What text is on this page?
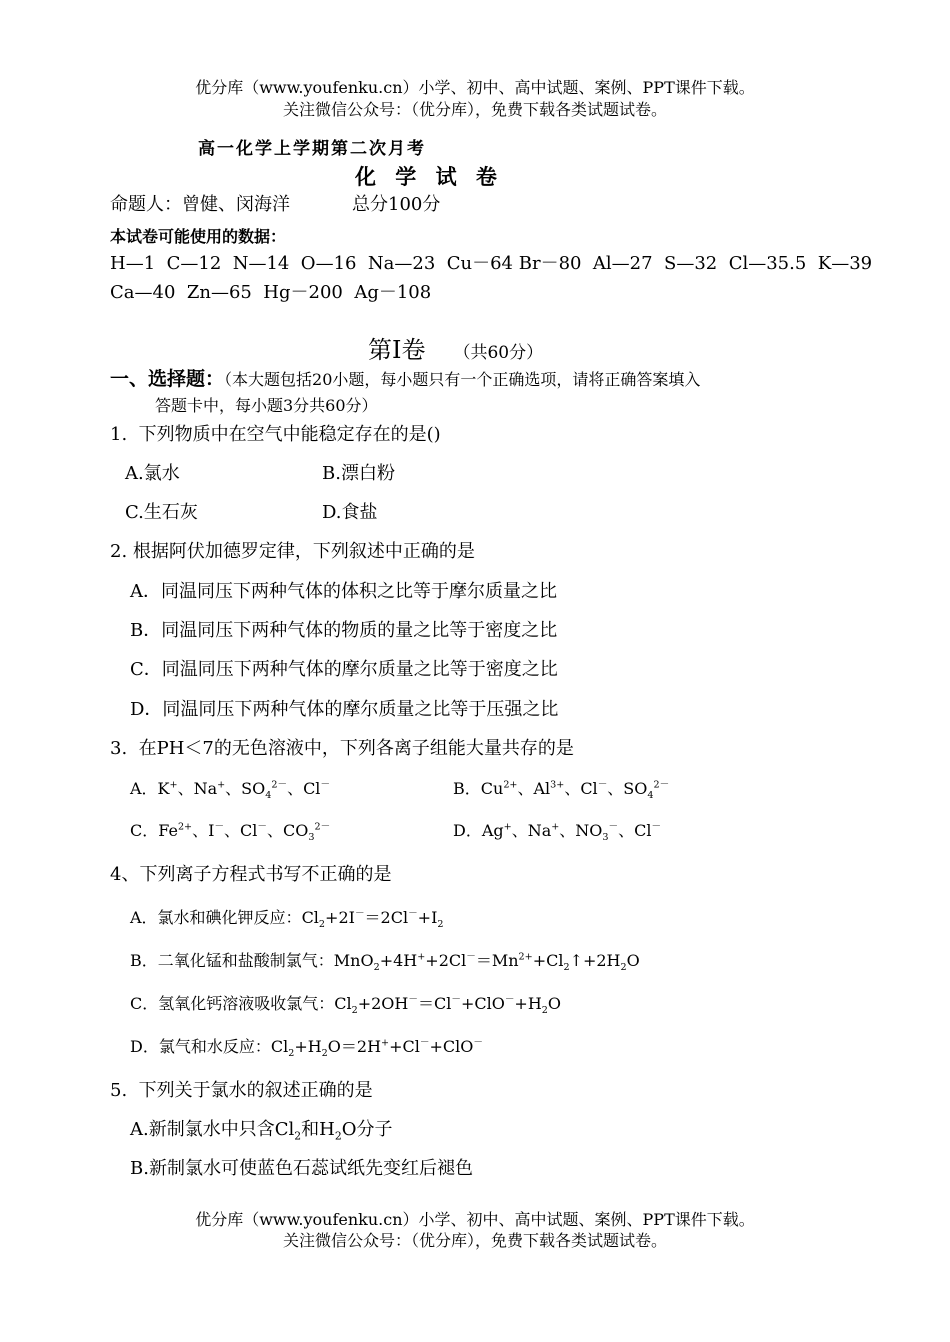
优分库（www.youfenku.cn）小学、初中、高中试题、案例、PPT课件下载。
关注微信公众号：（优分库），免费下载各类试题试卷。
高一化学上学期第二次月考
化 学 试 卷
命题人：曾健、闵海洋	总分100分
本试卷可能使用的数据：
H—1  C—12  N—14  O—16  Na—23  Cu－64 Br－80  Al—27  S—32  Cl—35.5  K—39
Ca—40  Zn—65  Hg－200  Ag－108
第Ⅰ卷 （共60分）
一、选择题：（本大题包括20小题，每小题只有一个正确选项，请将正确答案填入
答题卡中，每小题3分共60分）
1.  下列物质中在空气中能稳定存在的是()
A.氯水	B.漂白粉
C.生石灰	D.食盐
2. 根据阿伏加德罗定律，下列叙述中正确的是
A．同温同压下两种气体的体积之比等于摩尔质量之比
B．同温同压下两种气体的物质的量之比等于密度之比
C．同温同压下两种气体的摩尔质量之比等于密度之比
D．同温同压下两种气体的摩尔质量之比等于压强之比
3.  在PH＜7的无色溶液中，下列各离子组能大量共存的是
A．K+、Na+、$SO_4^{2-}$、Cl－	B．$Cu^{2+}$、$Al^{3+}$、Cl－、$SO_4^{2-}$
C．$Fe^{2+}$、I－、Cl－、$CO_3^{2-}$	D．Ag+、Na+、$NO_3^-$、Cl－
4、下列离子方程式书写不正确的是
A．氯水和碘化钾反应：$Cl_2+2I^-=2Cl^-+I_2$
B．二氧化锰和盐酸制氯气：$MnO_2+4H^++2Cl^-=Mn^{2+}+Cl_2↑+2H_2O$
C．氢氧化钙溶液吸收氯气：$Cl_2+2OH^-=Cl^-+ClO^-+H_2O$
D．氯气和水反应：$Cl_2+H_2O=2H^++Cl^-+ClO^-$
5.  下列关于氯水的叙述正确的是
A.新制氯水中只含$Cl_2$和$H_2O$分子
B.新制氯水可使蓝色石蕊试纸先变红后褪色
优分库（www.youfenku.cn）小学、初中、高中试题、案例、PPT课件下载。
关注微信公众号：（优分库），免费下载各类试题试卷。
